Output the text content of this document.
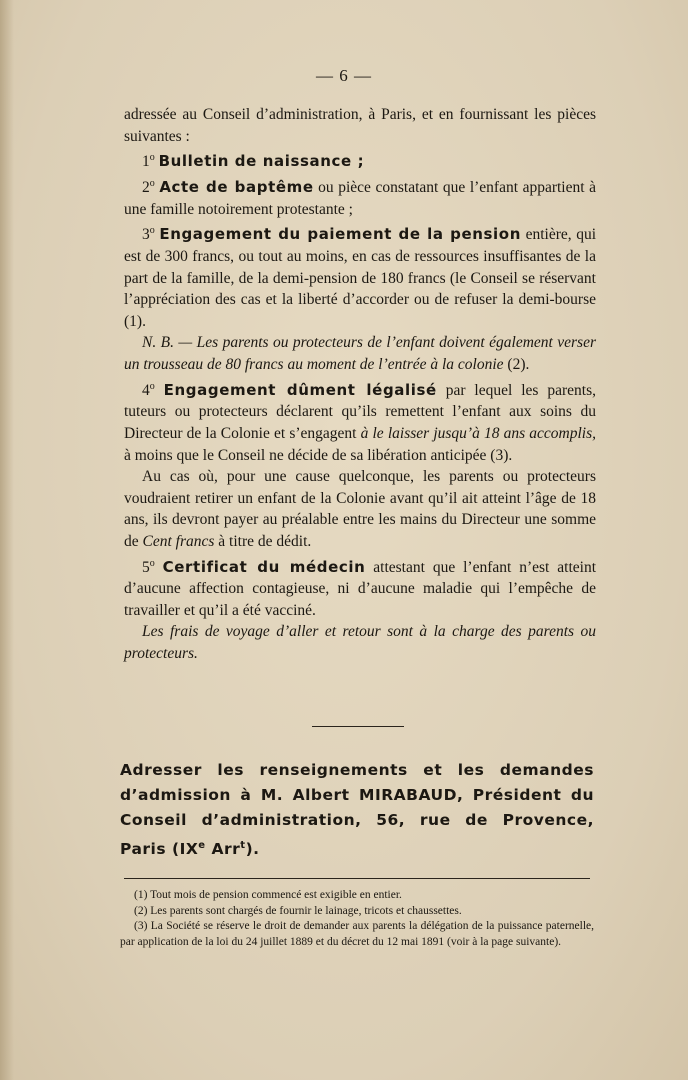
— 6 —

adressée au Conseil d’administration, à Paris, et en fournissant les pièces suivantes :

1$^o$ Bulletin de naissance ;

2$^o$ Acte de baptême ou pièce constatant que l’enfant appartient à une famille notoirement protestante ;

3$^o$ Engagement du paiement de la pension entière, qui est de 300 francs, ou tout au moins, en cas de ressources insuffisantes de la part de la famille, de la demi-pension de 180 francs (le Conseil se réservant l’appréciation des cas et la liberté d’accorder ou de refuser la demi-bourse (1).

N. B. — Les parents ou protecteurs de l’enfant doivent également verser un trousseau de 80 francs au moment de l’entrée à la colonie (2).

4$^o$ Engagement dûment légalisé par lequel les parents, tuteurs ou protecteurs déclarent qu’ils remettent l’enfant aux soins du Directeur de la Colonie et s’engagent à le laisser jusqu’à 18 ans accomplis, à moins que le Conseil ne décide de sa libération anticipée (3).

Au cas où, pour une cause quelconque, les parents ou protecteurs voudraient retirer un enfant de la Colonie avant qu’il ait atteint l’âge de 18 ans, ils devront payer au préalable entre les mains du Directeur une somme de Cent francs à titre de dédit.

5$^o$ Certificat du médecin attestant que l’enfant n’est atteint d’aucune affection contagieuse, ni d’aucune maladie qui l’empêche de travailler et qu’il a été vacciné.

Les frais de voyage d’aller et retour sont à la charge des parents ou protecteurs.

Adresser les renseignements et les demandes d’admission à M. Albert MIRABAUD, Président du Conseil d’administration, 56, rue de Provence, Paris (IXe Arr$^t$).

(1) Tout mois de pension commencé est exigible en entier.

(2) Les parents sont chargés de fournir le lainage, tricots et chaussettes.

(3) La Société se réserve le droit de demander aux parents la délégation de la puissance paternelle, par application de la loi du 24 juillet 1889 et du décret du 12 mai 1891 (voir à la page suivante).
